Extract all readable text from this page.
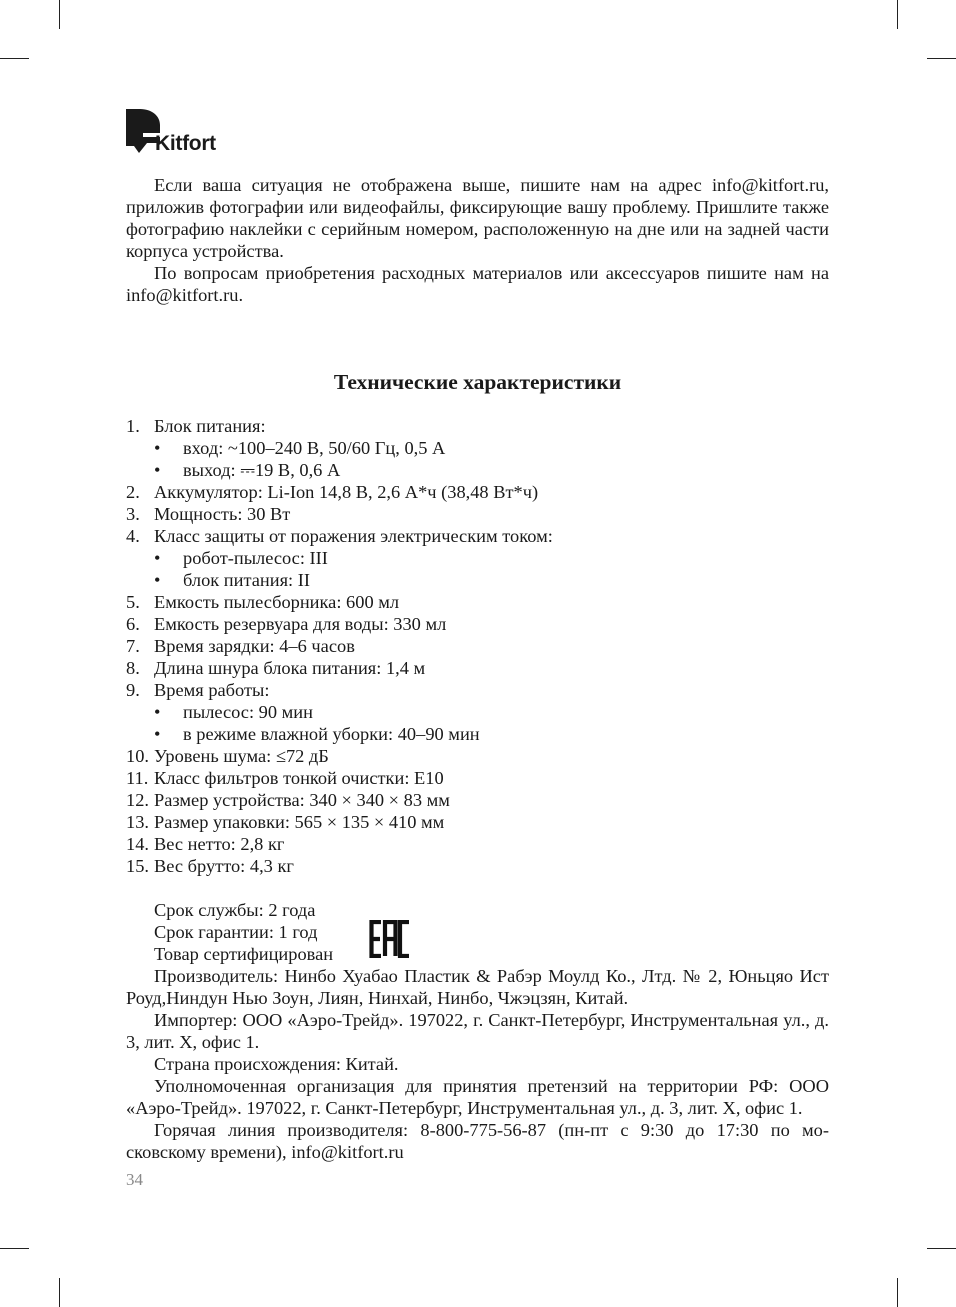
Kitfort

Если ваша ситуация не отображена выше, пишите нам на адрес info@kitfort.ru, приложив фотографии или видеофайлы, фиксирующие вашу проблему. Пришлите также фотографию наклейки с серийным номером, расположенную на дне или на задней части корпуса устройства.

По вопросам приобретения расходных материалов или аксессуаров пишите нам на info@kitfort.ru.

Технические характеристики
1. Блок питания:
• вход: ~100–240 В, 50/60 Гц, 0,5 А
• выход: ⎓19 В, 0,6 А
2. Аккумулятор: Li-Ion 14,8 В, 2,6 А*ч (38,48 Вт*ч)
3. Мощность: 30 Вт
4. Класс защиты от поражения электрическим током:
• робот-пылесос: III
• блок питания: II
5. Емкость пылесборника: 600 мл
6. Емкость резервуара для воды: 330 мл
7. Время зарядки: 4–6 часов
8. Длина шнура блока питания: 1,4 м
9. Время работы:
• пылесос: 90 мин
• в режиме влажной уборки: 40–90 мин
10. Уровень шума: ≤72 дБ
11. Класс фильтров тонкой очистки: Е10
12. Размер устройства: 340 × 340 × 83 мм
13. Размер упаковки: 565 × 135 × 410 мм
14. Вес нетто: 2,8 кг
15. Вес брутто: 4,3 кг
Срок службы: 2 года
Срок гарантии: 1 год
Товар сертифицирован

Производитель: Нинбо Хуабао Пластик & Рабэр Моулд Ко., Лтд. № 2, Юньцяо Ист Роуд,Ниндун Нью Зоун, Лиян, Нинхай, Нинбо, Чжэцзян, Китай.

Импортер: ООО «Аэро-Трейд». 197022, г. Санкт-Петербург, Инструментальная ул., д. 3, лит. Х, офис 1.

Страна происхождения: Китай.

Уполномоченная организация для принятия претензий на территории РФ: ООО «Аэро-Трейд». 197022, г. Санкт-Петербург, Инструментальная ул., д. 3, лит. Х, офис 1.

Горячая линия производителя: 8-800-775-56-87 (пн-пт с 9:30 до 17:30 по мо- сковскому времени), info@kitfort.ru

34
